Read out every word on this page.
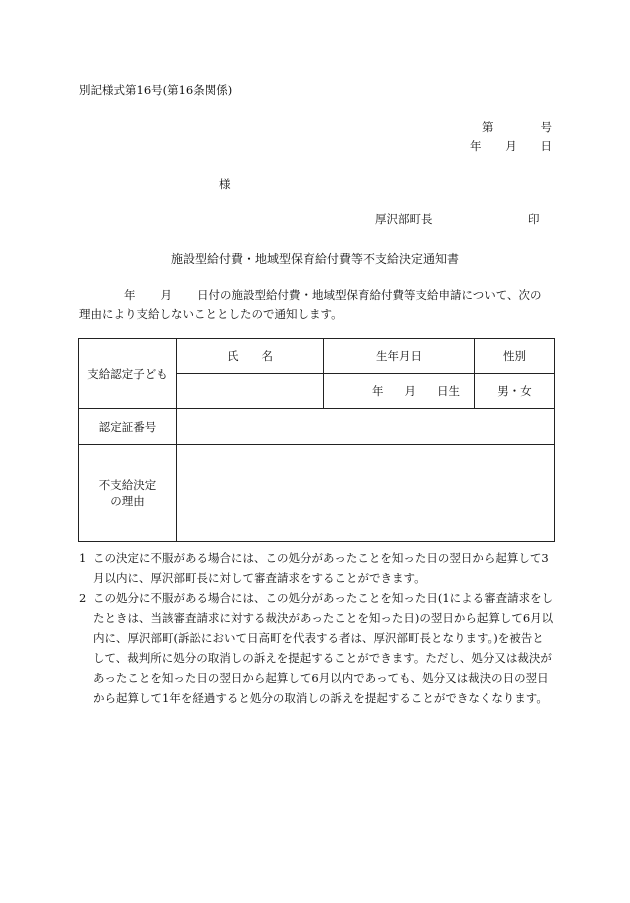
別記様式第16号(第16条関係)
第	号
年 月 日
様
厚沢部町長	印
施設型給付費・地域型保育給付費等不支給決定通知書
年 月 日付の施設型給付費・地域型保育給付費等支給申請について、次の理由により支給しないこととしたので通知します。
支給認定子ども	氏　　名	生年月日	性別

		年 月 日生	男・女
認定証番号			

不支給決定
の理由			

1 この決定に不服がある場合には、この処分があったことを知った日の翌日から起算して3月以内に、厚沢部町長に対して審査請求をすることができます。
2 この処分に不服がある場合には、この処分があったことを知った日(1による審査請求をしたときは、当該審査請求に対する裁決があったことを知った日)の翌日から起算して6月以内に、厚沢部町(訴訟において日高町を代表する者は、厚沢部町長となります。)を被告として、裁判所に処分の取消しの訴えを提起することができます。ただし、処分又は裁決があったことを知った日の翌日から起算して6月以内であっても、処分又は裁決の日の翌日から起算して1年を経過すると処分の取消しの訴えを提起することができなくなります。
